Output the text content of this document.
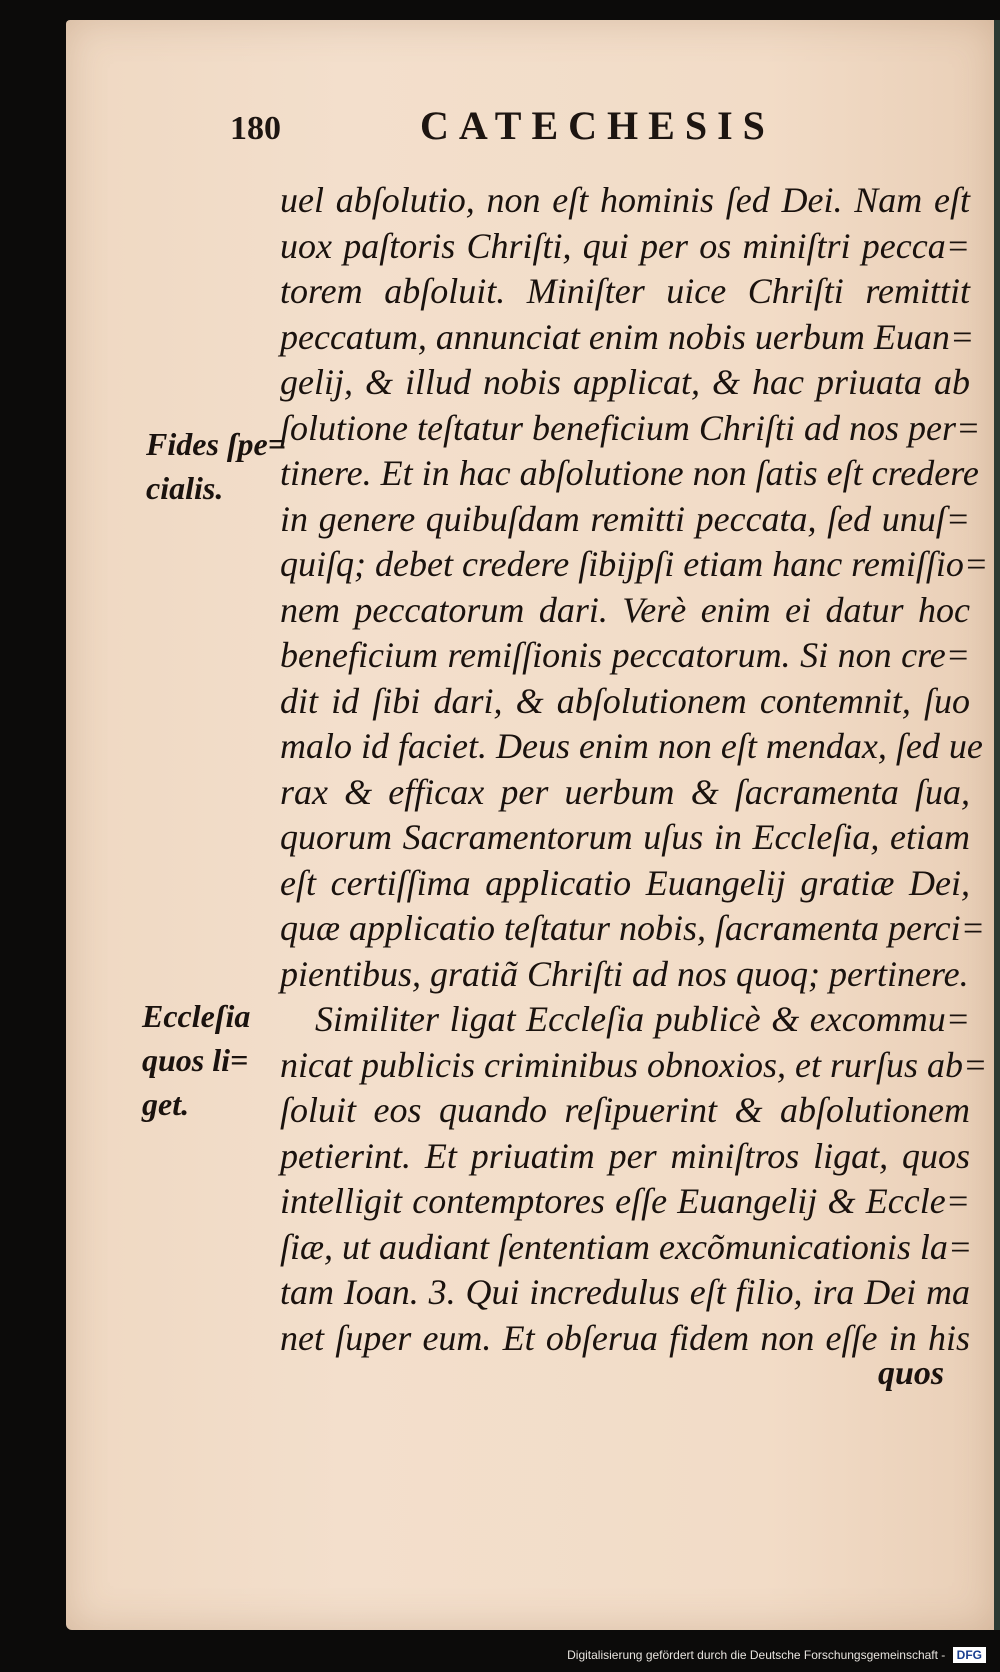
180	CATECHESIS
Fides ſpe=
cialis.
Eccleſia
quos li=
get.
uel abſolutio, non eſt hominis ſed Dei. Nam eſt
uox paſtoris Chriſti, qui per os miniſtri pecca=
torem abſoluit. Miniſter uice Chriſti remittit
peccatum, annunciat enim nobis uerbum Euan=
gelij, & illud nobis applicat, & hac priuata ab
ſolutione teſtatur beneficium Chriſti ad nos per=
tinere. Et in hac abſolutione non ſatis eſt credere
in genere quibuſdam remitti peccata, ſed unuſ=
quiſq; debet credere ſibijpſi etiam hanc remiſſio=
nem peccatorum dari. Verè enim ei datur hoc
beneficium remiſſionis peccatorum. Si non cre=
dit id ſibi dari, & abſolutionem contemnit, ſuo
malo id faciet. Deus enim non eſt mendax, ſed ue
rax & efficax per uerbum & ſacramenta ſua,
quorum Sacramentorum uſus in Eccleſia, etiam
eſt certiſſima applicatio Euangelij gratiæ Dei,
quæ applicatio teſtatur nobis, ſacramenta perci=
pientibus, gratiã Chriſti ad nos quoq; pertinere.
Similiter ligat Eccleſia publicè & excommu=
nicat publicis criminibus obnoxios, et rurſus ab=
ſoluit eos quando reſipuerint & abſolutionem
petierint. Et priuatim per miniſtros ligat, quos
intelligit contemptores eſſe Euangelij & Eccle=
ſiæ, ut audiant ſententiam excõmunicationis la=
tam Ioan. 3. Qui incredulus eſt filio, ira Dei ma
net ſuper eum. Et obſerua fidem non eſſe in his
quos
Digitalisierung gefördert durch die Deutsche Forschungsgemeinschaft - DFG
